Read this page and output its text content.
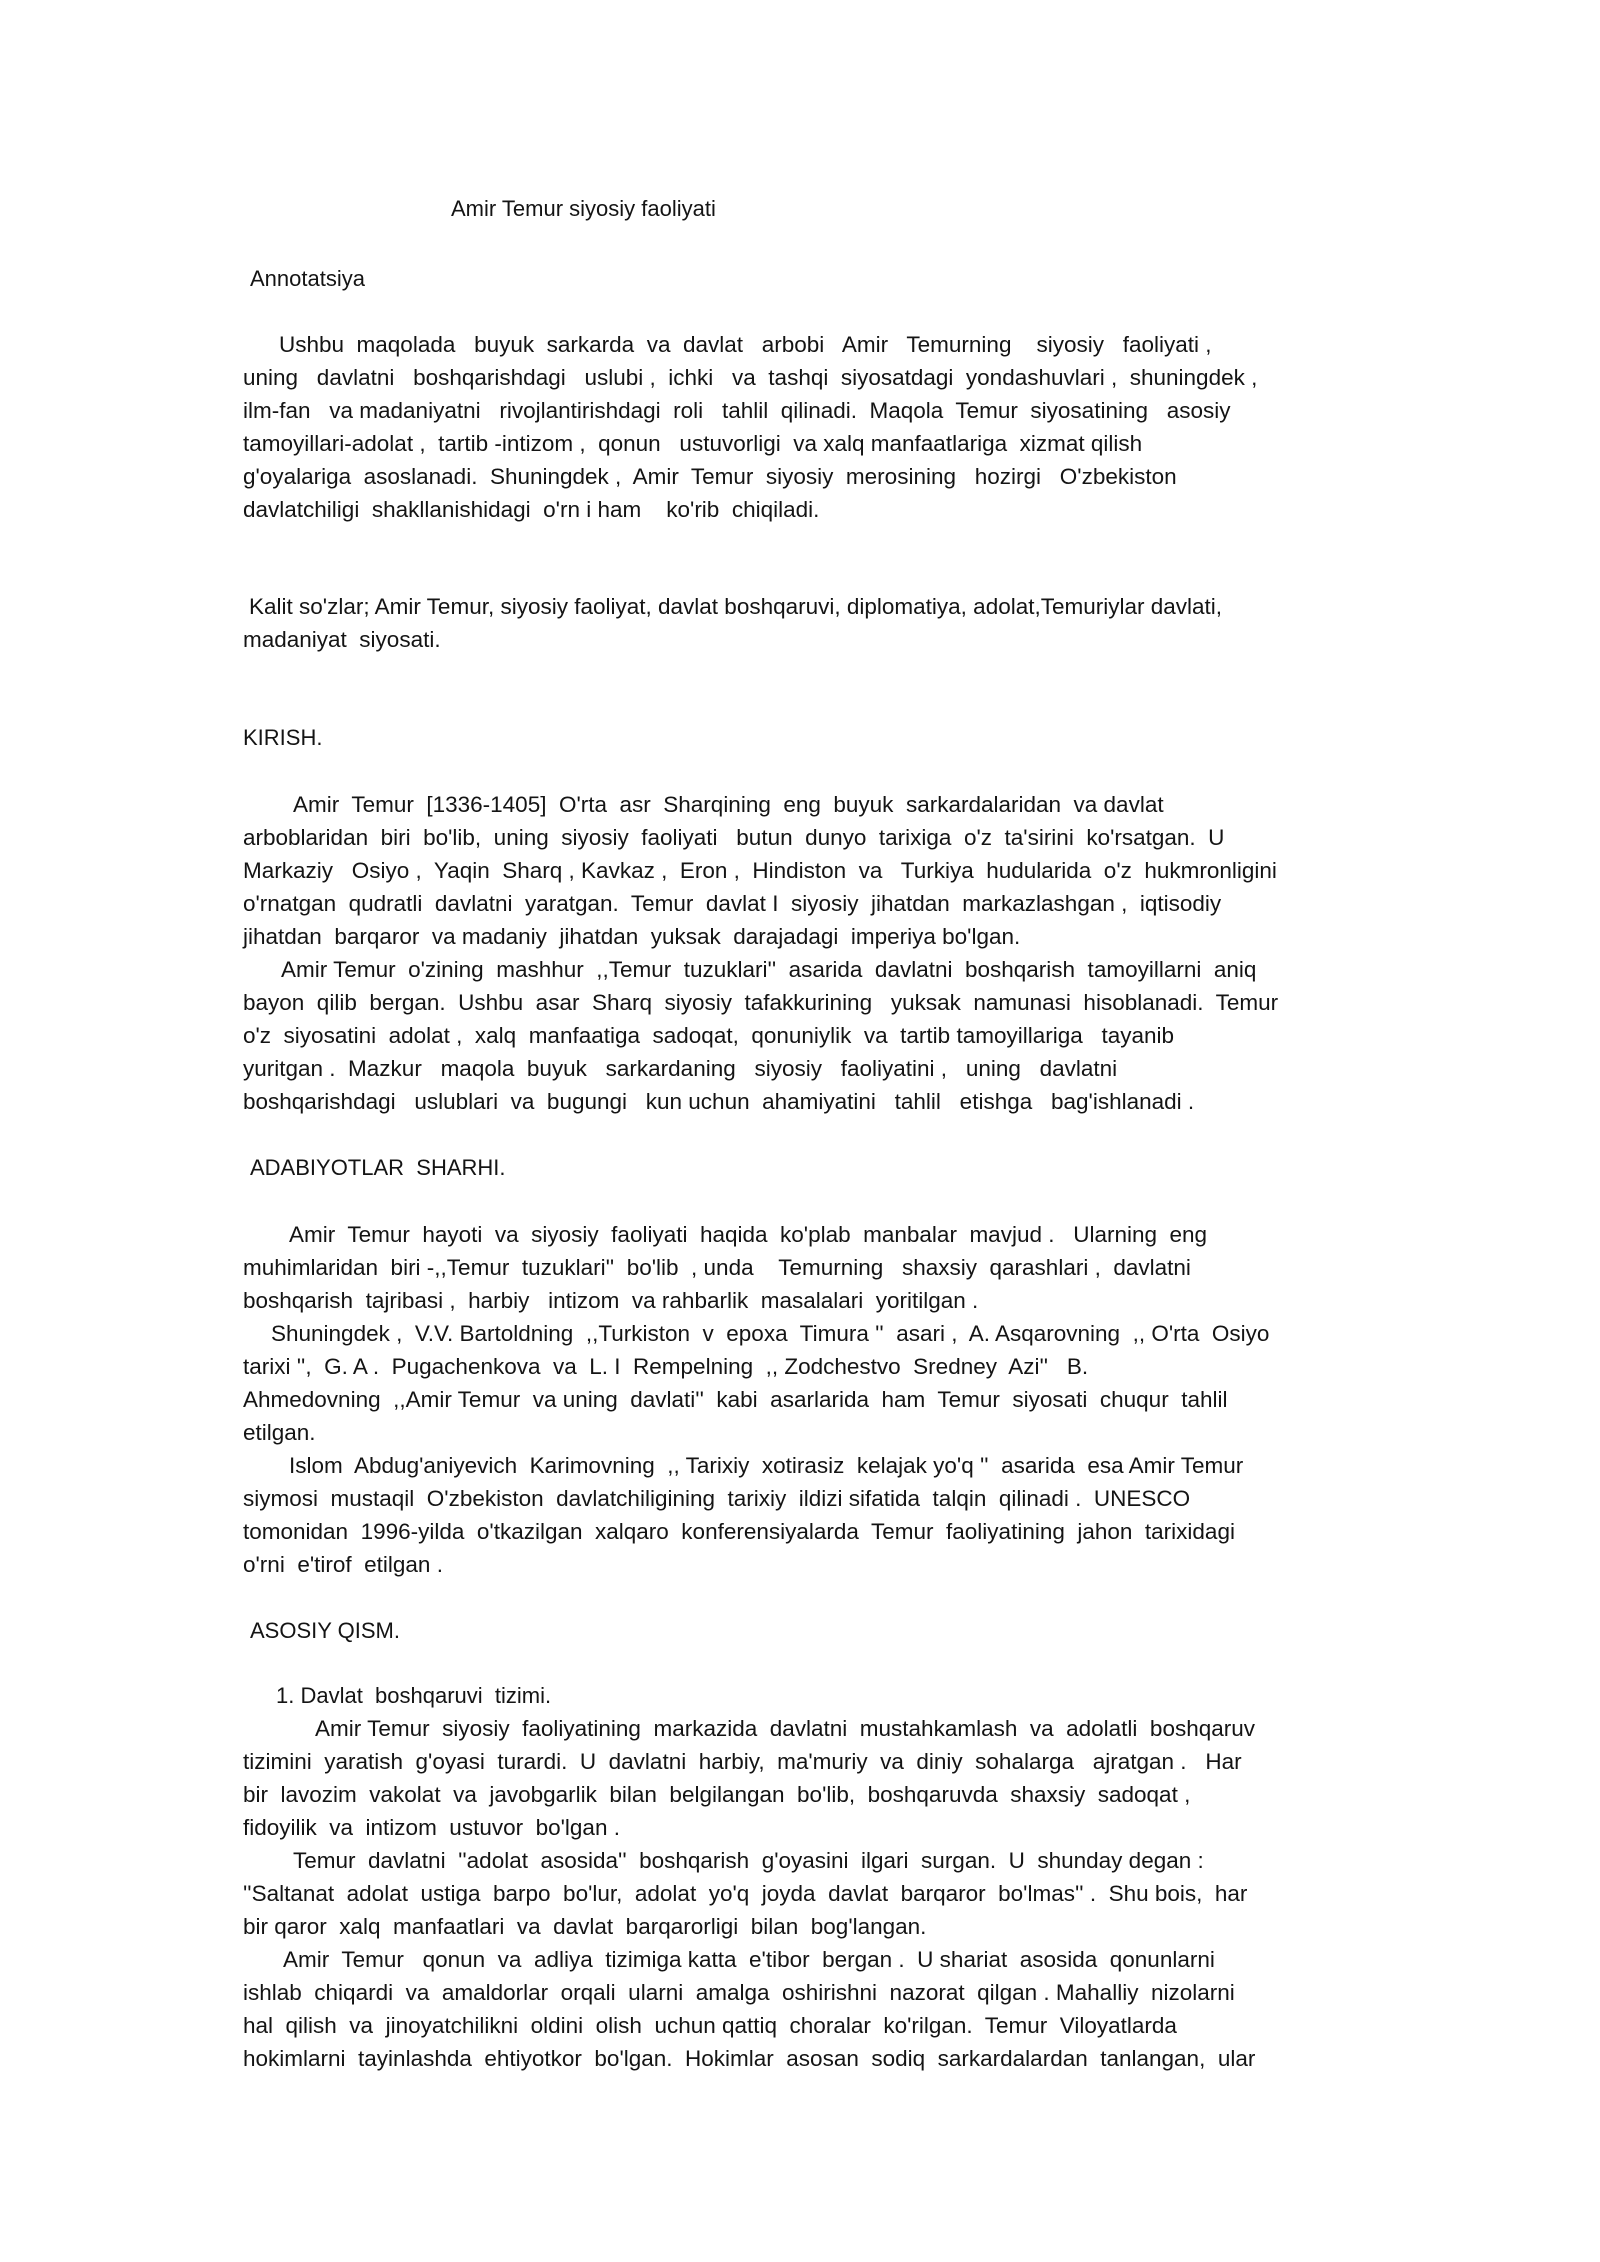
Amir Temur siyosiy faoliyati
Annotatsiya
Ushbu  maqolada   buyuk  sarkarda  va  davlat   arbobi   Amir   Temurning    siyosiy   faoliyati ,
uning   davlatni   boshqarishdagi   uslubi ,  ichki   va  tashqi  siyosatdagi  yondashuvlari ,  shuningdek ,
ilm-fan   va madaniyatni   rivojlantirishdagi  roli   tahlil  qilinadi.  Maqola  Temur  siyosatining   asosiy
tamoyillari-adolat ,  tartib -intizom ,  qonun   ustuvorligi  va xalq manfaatlariga  xizmat qilish
g'oyalariga  asoslanadi.  Shuningdek ,  Amir  Temur  siyosiy  merosining   hozirgi   O'zbekiston
davlatchiligi  shakllanishidagi  o'rn i ham    ko'rib  chiqiladi.
Kalit so'zlar; Amir Temur, siyosiy faoliyat, davlat boshqaruvi, diplomatiya, adolat,Temuriylar davlati,
madaniyat  siyosati.
KIRISH.
Amir  Temur  [1336-1405]  O'rta  asr  Sharqining  eng  buyuk  sarkardalaridan  va davlat
arboblaridan  biri  bo'lib,  uning  siyosiy  faoliyati   butun  dunyo  tarixiga  o'z  ta'sirini  ko'rsatgan.  U
Markaziy   Osiyo ,  Yaqin  Sharq , Kavkaz ,  Eron ,  Hindiston  va   Turkiya  hudularida  o'z  hukmronligini
o'rnatgan  qudratli  davlatni  yaratgan.  Temur  davlat I  siyosiy  jihatdan  markazlashgan ,  iqtisodiy
jihatdan  barqaror  va madaniy  jihatdan  yuksak  darajadagi  imperiya bo'lgan.
Amir Temur  o'zining  mashhur  ,,Temur  tuzuklari''  asarida  davlatni  boshqarish  tamoyillarni  aniq
bayon  qilib  bergan.  Ushbu  asar  Sharq  siyosiy  tafakkurining   yuksak  namunasi  hisoblanadi.  Temur
o'z  siyosatini  adolat ,  xalq  manfaatiga  sadoqat,  qonuniylik  va  tartib tamoyillariga   tayanib
yuritgan .  Mazkur   maqola  buyuk   sarkardaning   siyosiy   faoliyatini ,   uning   davlatni
boshqarishdagi   uslublari  va  bugungi   kun uchun  ahamiyatini   tahlil   etishga   bag'ishlanadi .
ADABIYOTLAR  SHARHI.
Amir  Temur  hayoti  va  siyosiy  faoliyati  haqida  ko'plab  manbalar  mavjud .   Ularning  eng
muhimlaridan  biri -,,Temur  tuzuklari''  bo'lib  , unda    Temurning   shaxsiy  qarashlari ,  davlatni
boshqarish  tajribasi ,  harbiy   intizom  va rahbarlik  masalalari  yoritilgan .
Shuningdek ,  V.V. Bartoldning  ,,Turkiston  v  epoxa  Timura ''  asari ,  A. Asqarovning  ,, O'rta  Osiyo
tarixi '',  G. A .  Pugachenkova  va  L. I  Rempelning  ,, Zodchestvo  Sredney  Azi''   B.
Ahmedovning  ,,Amir Temur  va uning  davlati''  kabi  asarlarida  ham  Temur  siyosati  chuqur  tahlil
etilgan.
Islom  Abdug'aniyevich  Karimovning  ,, Tarixiy  xotirasiz  kelajak yo'q ''  asarida  esa Amir Temur
siymosi  mustaqil  O'zbekiston  davlatchiligining  tarixiy  ildizi sifatida  talqin  qilinadi .  UNESCO
tomonidan  1996-yilda  o'tkazilgan  xalqaro  konferensiyalarda  Temur  faoliyatining  jahon  tarixidagi
o'rni  e'tirof  etilgan .
ASOSIY QISM.
1. Davlat  boshqaruvi  tizimi.
Amir Temur  siyosiy  faoliyatining  markazida  davlatni  mustahkamlash  va  adolatli  boshqaruv
tizimini  yaratish  g'oyasi  turardi.  U  davlatni  harbiy,  ma'muriy  va  diniy  sohalarga   ajratgan .   Har
bir  lavozim  vakolat  va  javobgarlik  bilan  belgilangan  bo'lib,  boshqaruvda  shaxsiy  sadoqat ,
fidoyilik  va  intizom  ustuvor  bo'lgan .
Temur  davlatni  ''adolat  asosida''  boshqarish  g'oyasini  ilgari  surgan.  U  shunday degan :
''Saltanat  adolat  ustiga  barpo  bo'lur,  adolat  yo'q  joyda  davlat  barqaror  bo'lmas'' .  Shu bois,  har
bir qaror  xalq  manfaatlari  va  davlat  barqarorligi  bilan  bog'langan.
Amir  Temur   qonun  va  adliya  tizimiga katta  e'tibor  bergan .  U shariat  asosida  qonunlarni
ishlab  chiqardi  va  amaldorlar  orqali  ularni  amalga  oshirishni  nazorat  qilgan . Mahalliy  nizolarni
hal  qilish  va  jinoyatchilikni  oldini  olish  uchun qattiq  choralar  ko'rilgan.  Temur  Viloyatlarda
hokimlarni  tayinlashda  ehtiyotkor  bo'lgan.  Hokimlar  asosan  sodiq  sarkardalardan  tanlangan,  ular
